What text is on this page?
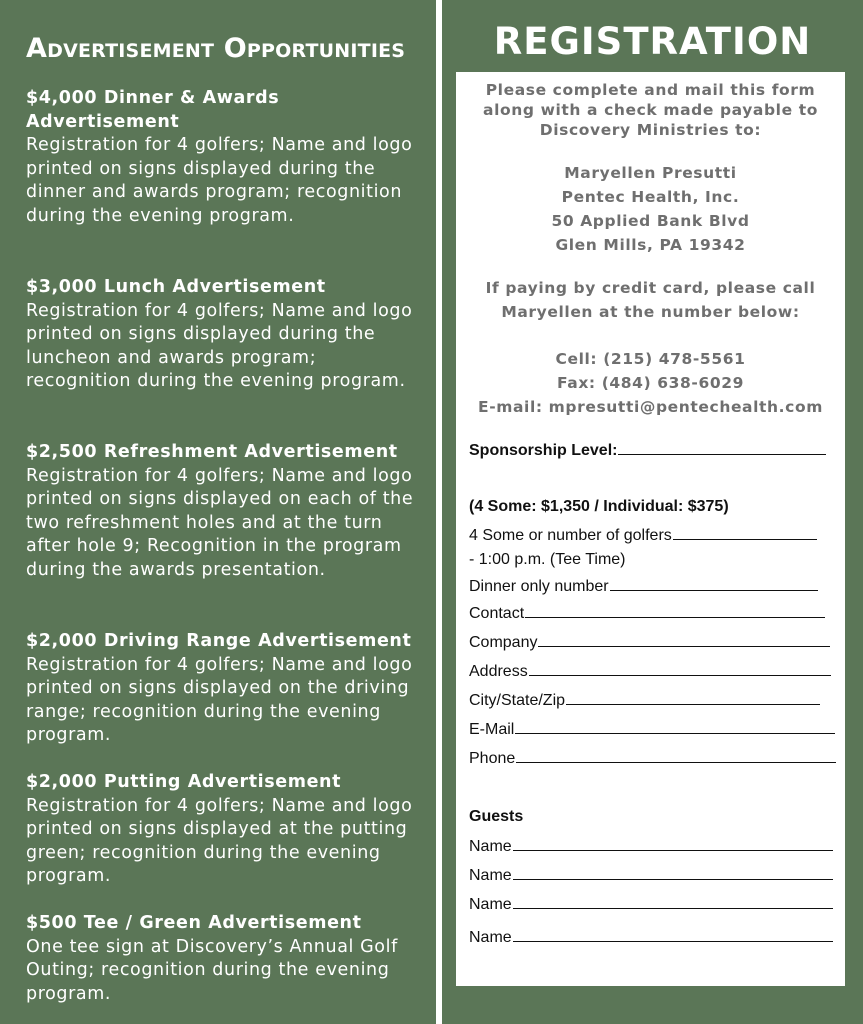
Advertisement Opportunities
$4,000 Dinner & Awards Advertisement
Registration for 4 golfers; Name and logo printed on signs displayed during the dinner and awards program; recognition during the evening program.
$3,000 Lunch Advertisement
Registration for 4 golfers; Name and logo printed on signs displayed during the luncheon and awards program; recognition during the evening program.
$2,500 Refreshment Advertisement
Registration for 4 golfers; Name and logo printed on signs displayed on each of the two refreshment holes and at the turn after hole 9; Recognition in the program during the awards presentation.
$2,000 Driving Range Advertisement
Registration for 4 golfers; Name and logo printed on signs displayed on the driving range; recognition during the evening program.
$2,000 Putting Advertisement
Registration for 4 golfers; Name and logo printed on signs displayed at the putting green; recognition during the evening program.
$500 Tee / Green Advertisement
One tee sign at Discovery’s Annual Golf Outing; recognition during the evening program.
REGISTRATION
Please complete and mail this form
along with a check made payable to
Discovery Ministries to:
Maryellen Presutti
Pentec Health, Inc.
50 Applied Bank Blvd
Glen Mills, PA 19342
If paying by credit card, please call
Maryellen at the number below:
Cell: (215) 478-5561
Fax: (484) 638-6029
E-mail: mpresutti@pentechealth.com
Sponsorship Level:
(4 Some: $1,350 / Individual: $375)
4 Some or number of golfers
- 1:00 p.m. (Tee Time)
Dinner only number
Contact
Company
Address
City/State/Zip
E-Mail
Phone
Guests
Name
Name
Name
Name
